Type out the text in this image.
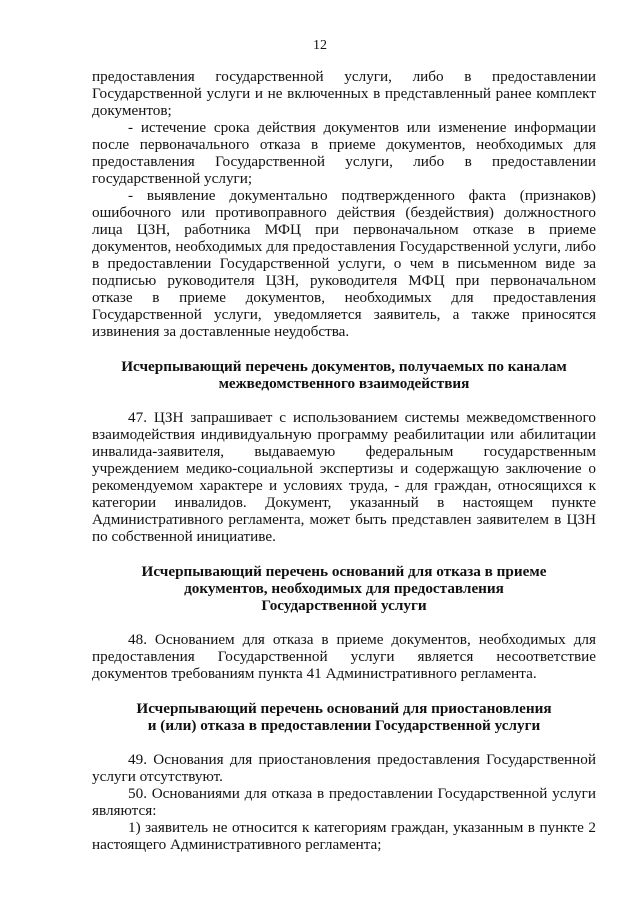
12

предоставления государственной услуги, либо в предоставлении Государственной услуги и не включенных в представленный ранее комплект документов;

- истечение срока действия документов или изменение информации после первоначального отказа в приеме документов, необходимых для предоставления Государственной услуги, либо в предоставлении государственной услуги;

- выявление документально подтвержденного факта (признаков) ошибочного или противоправного действия (бездействия) должностного лица ЦЗН, работника МФЦ при первоначальном отказе в приеме документов, необходимых для предоставления Государственной услуги, либо в предоставлении Государственной услуги, о чем в письменном виде за подписью руководителя ЦЗН, руководителя МФЦ при первоначальном отказе в приеме документов, необходимых для предоставления Государственной услуги, уведомляется заявитель, а также приносятся извинения за доставленные неудобства.

Исчерпывающий перечень документов, получаемых по каналам
межведомственного взаимодействия

47. ЦЗН запрашивает с использованием системы межведомственного взаимодействия индивидуальную программу реабилитации или абилитации инвалида-заявителя, выдаваемую федеральным государственным учреждением медико-социальной экспертизы и содержащую заключение о рекомендуемом характере и условиях труда, - для граждан, относящихся к категории инвалидов. Документ, указанный в настоящем пункте Административного регламента, может быть представлен заявителем в ЦЗН по собственной инициативе.

Исчерпывающий перечень оснований для отказа в приеме
документов, необходимых для предоставления
Государственной услуги

48. Основанием для отказа в приеме документов, необходимых для предоставления Государственной услуги является несоответствие документов требованиям пункта 41 Административного регламента.

Исчерпывающий перечень оснований для приостановления
и (или) отказа в предоставлении Государственной услуги

49. Основания для приостановления предоставления Государственной услуги отсутствуют.

50. Основаниями для отказа в предоставлении Государственной услуги являются:

1) заявитель не относится к категориям граждан, указанным в пункте 2 настоящего Административного регламента;
